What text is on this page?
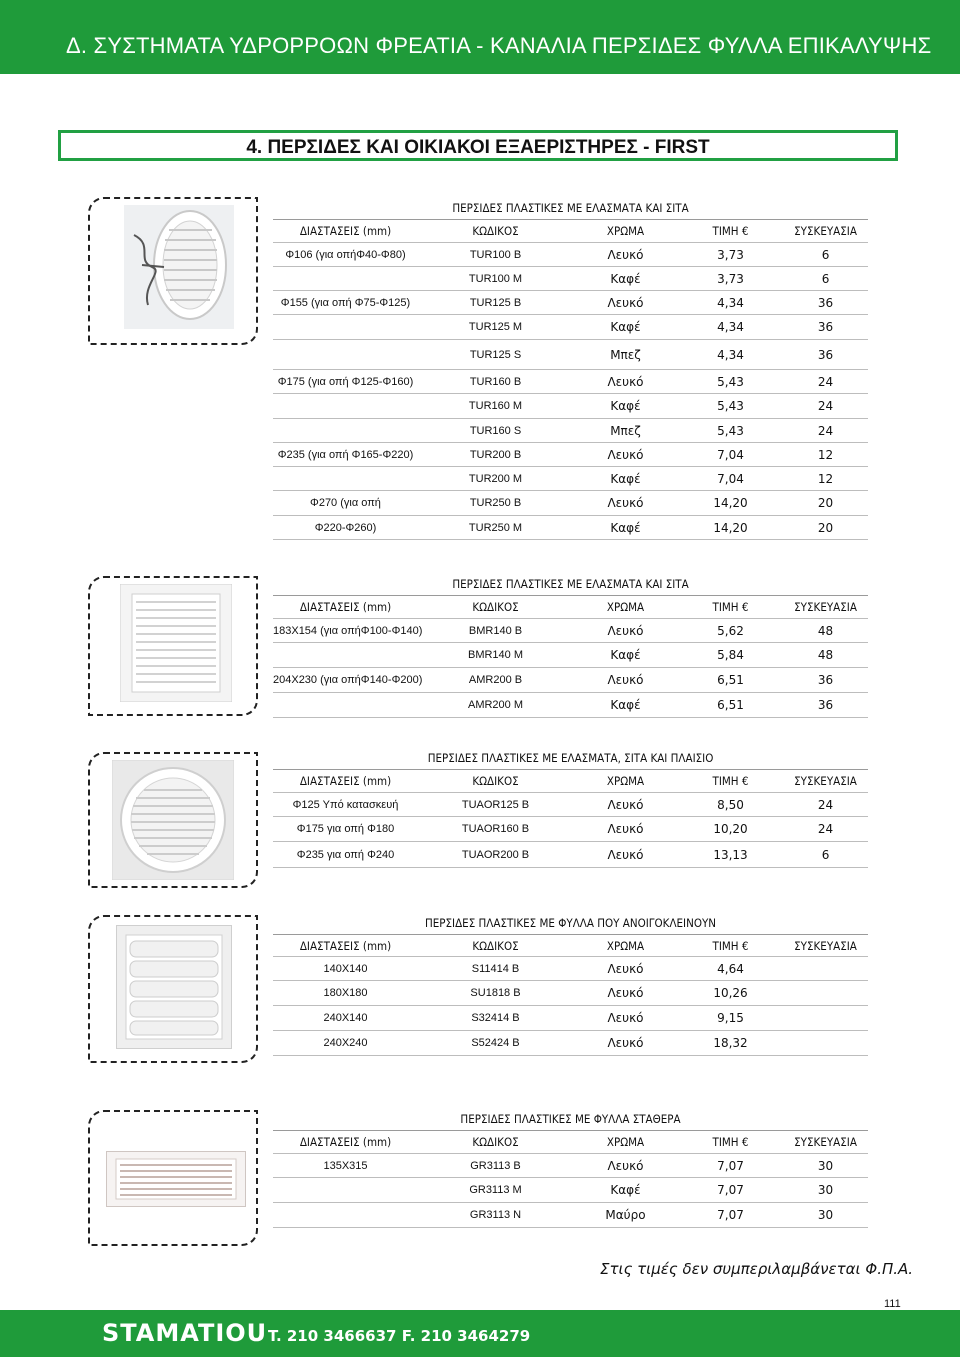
Δ. ΣΥΣΤΗΜΑΤΑ ΥΔΡΟΡΡΟΩΝ ΦΡΕΑΤΙΑ - ΚΑΝΑΛΙΑ ΠΕΡΣΙΔΕΣ ΦΥΛΛΑ ΕΠΙΚΑΛΥΨΗΣ
4. ΠΕΡΣΙΔΕΣ ΚΑΙ ΟΙΚΙΑΚΟΙ ΕΞΑΕΡΙΣΤΗΡΕΣ - FIRST
ΠΕΡΣΙΔΕΣ ΠΛΑΣΤΙΚΕΣ ΜΕ ΕΛΑΣΜΑΤΑ ΚΑΙ ΣΙΤΑ				
ΔΙΑΣΤΑΣΕΙΣ (mm)	ΚΩΔΙΚΟΣ	ΧΡΩΜΑ	ΤΙΜΗ €	ΣΥΣΚΕΥΑΣΙΑ
Φ106 (για οπήΦ40-Φ80)	TUR100 B	Λευκό	3,73	6
	TUR100 M	Καφέ	3,73	6
Φ155 (για οπή Φ75-Φ125)	TUR125 B	Λευκό	4,34	36
	TUR125 M	Καφέ	4,34	36
	TUR125 S	Μπεζ	4,34	36
Φ175 (για οπή Φ125-Φ160)	TUR160 B	Λευκό	5,43	24
	TUR160 M	Καφέ	5,43	24
	TUR160 S	Μπεζ	5,43	24
Φ235 (για οπή Φ165-Φ220)	TUR200 B	Λευκό	7,04	12
	TUR200 M	Καφέ	7,04	12
Φ270 (για οπή	TUR250 B	Λευκό	14,20	20
Φ220-Φ260)	TUR250 M	Καφέ	14,20	20
ΠΕΡΣΙΔΕΣ ΠΛΑΣΤΙΚΕΣ ΜΕ ΕΛΑΣΜΑΤΑ ΚΑΙ ΣΙΤΑ				
ΔΙΑΣΤΑΣΕΙΣ (mm)	ΚΩΔΙΚΟΣ	ΧΡΩΜΑ	ΤΙΜΗ €	ΣΥΣΚΕΥΑΣΙΑ
183X154 (για οπήΦ100-Φ140)	BMR140 B	Λευκό	5,62	48
	BMR140 M	Καφέ	5,84	48
204X230 (για οπήΦ140-Φ200)	AMR200 B	Λευκό	6,51	36
	AMR200 M	Καφέ	6,51	36
ΠΕΡΣΙΔΕΣ ΠΛΑΣΤΙΚΕΣ ΜΕ ΕΛΑΣΜΑΤΑ, ΣΙΤΑ ΚΑΙ ΠΛΑΙΣΙΟ				
ΔΙΑΣΤΑΣΕΙΣ (mm)	ΚΩΔΙΚΟΣ	ΧΡΩΜΑ	ΤΙΜΗ €	ΣΥΣΚΕΥΑΣΙΑ
Φ125 Υπό κατασκευή	TUAOR125 B	Λευκό	8,50	24
Φ175 για οπή Φ180	TUAOR160 B	Λευκό	10,20	24
Φ235 για οπή Φ240	TUAOR200 B	Λευκό	13,13	6
ΠΕΡΣΙΔΕΣ ΠΛΑΣΤΙΚΕΣ ΜΕ ΦΥΛΛΑ ΠΟΥ ΑΝΟΙΓΟΚΛΕΙΝΟΥΝ				
ΔΙΑΣΤΑΣΕΙΣ (mm)	ΚΩΔΙΚΟΣ	ΧΡΩΜΑ	ΤΙΜΗ €	ΣΥΣΚΕΥΑΣΙΑ
140X140	S11414 B	Λευκό	4,64	
180X180	SU1818 B	Λευκό	10,26	
240X140	S32414 B	Λευκό	9,15	
240X240	S52424 B	Λευκό	18,32	
ΠΕΡΣΙΔΕΣ ΠΛΑΣΤΙΚΕΣ ΜΕ ΦΥΛΛΑ ΣΤΑΘΕΡΑ				
ΔΙΑΣΤΑΣΕΙΣ (mm)	ΚΩΔΙΚΟΣ	ΧΡΩΜΑ	ΤΙΜΗ €	ΣΥΣΚΕΥΑΣΙΑ
135X315	GR3113 B	Λευκό	7,07	30
	GR3113 M	Καφέ	7,07	30
	GR3113 N	Μαύρο	7,07	30
Στις τιμές δεν συμπεριλαμβάνεται Φ.Π.Α.
111
STAMATIOU T. 210 3466637 F. 210 3464279
